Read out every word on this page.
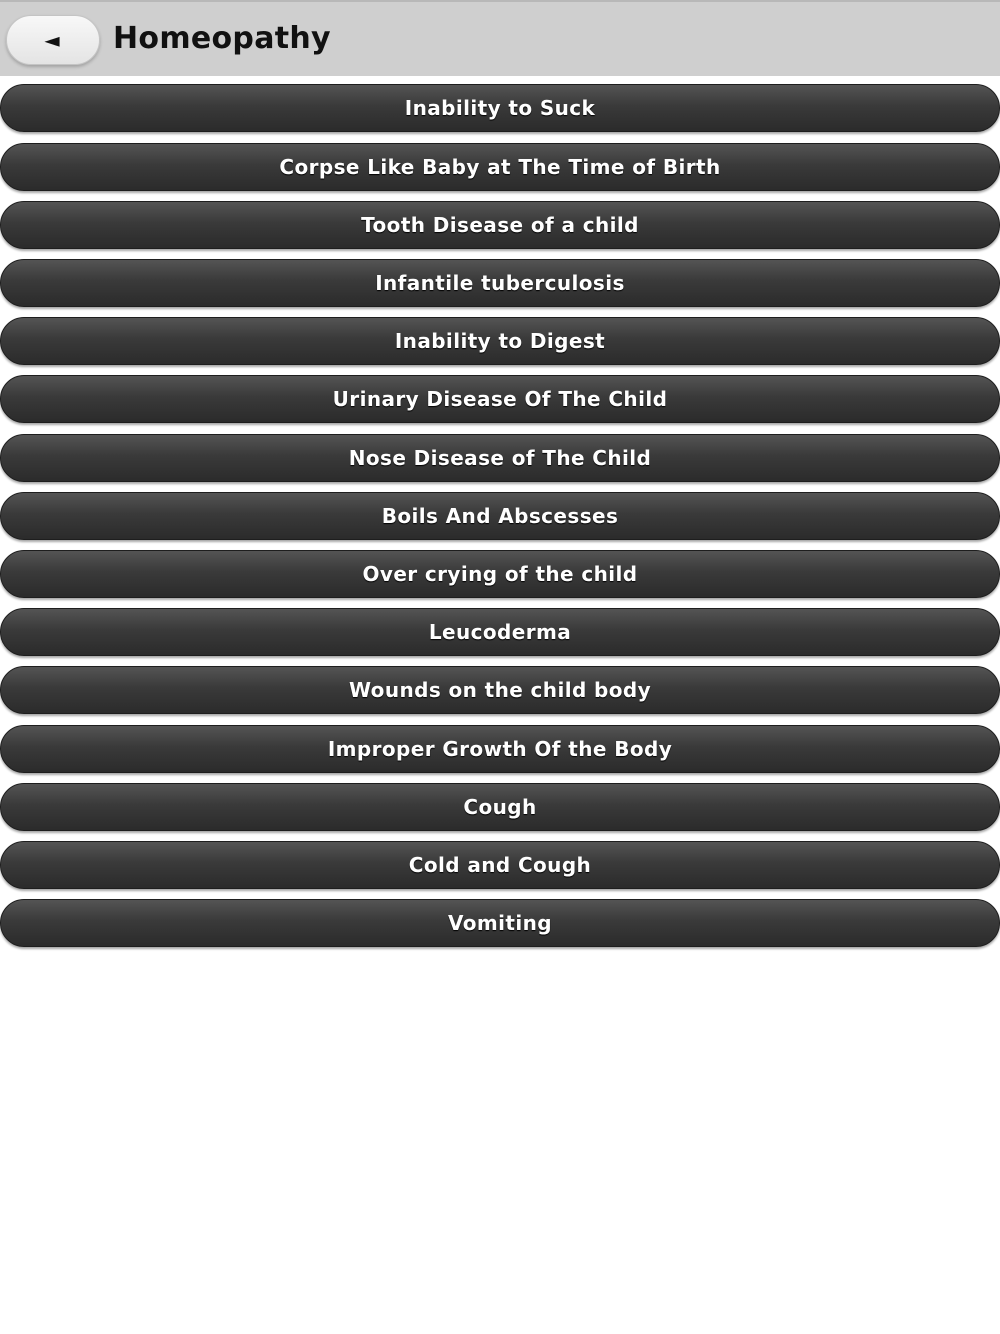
◄ Homeopathy
Inability to Suck
Corpse Like Baby at The Time of Birth
Tooth Disease of a child
Infantile tuberculosis
Inability to Digest
Urinary Disease Of The Child
Nose Disease of The Child
Boils And Abscesses
Over crying of the child
Leucoderma
Wounds on the child body
Improper Growth Of the Body
Cough
Cold and Cough
Vomiting
